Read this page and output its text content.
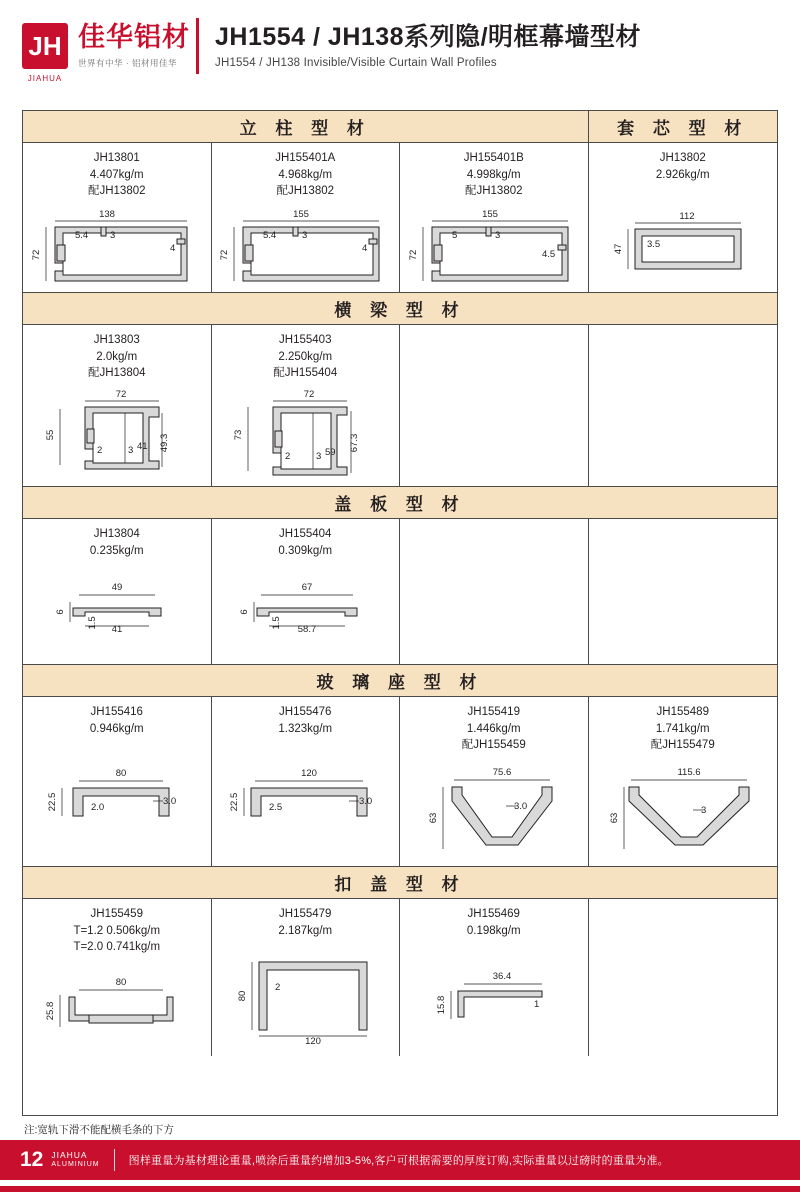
JH
JIAHUA
佳华铝材
世界有中华 · 铝材用佳华
JH1554 / JH138系列隐/明框幕墙型材
JH1554 / JH138 Invisible/Visible Curtain Wall Profiles
立 柱 型 材	套 芯 型 材
JH13801
4.407kg/m
配JH13802
138
72
5.4 3
4
JH155401A
4.968kg/m
配JH13802
155
72
5.4	3
4
JH155401B
4.998kg/m
配JH13802
155
72
5	3
4.5
JH13802
2.926kg/m
112
47 3.5
横 梁 型 材
JH13803
2.0kg/m
配JH13804
72
55
2	3 41 49.3
JH155403
2.250kg/m
配JH155404
72
73
2	3 59
67.3
盖 板 型 材
JH13804
0.235kg/m
49
6
1.5 41
JH155404
0.309kg/m
67
6
1.5 58.7
玻 璃 座 型 材
JH155416
0.946kg/m
80
22.5	2.0
3.0
JH155476
1.323kg/m
120
22.5	2.5
3.0
JH155419
1.446kg/m
配JH155459
75.6
63
3.0
JH155489
1.741kg/m
配JH155479
115.6
63
3
扣 盖 型 材
JH155459
T=1.2 0.506kg/m
T=2.0 0.741kg/m
80
25.8
JH155479
2.187kg/m
80
2
120
JH155469
0.198kg/m
36.4
15.8	1
注:宽轨下滑不能配横毛条的下方
12 JIAHUA
ALUMINIUM	图样重量为基材理论重量,喷涂后重量约增加3-5%,客户可根据需要的厚度订购,实际重量以过磅时的重量为准。
